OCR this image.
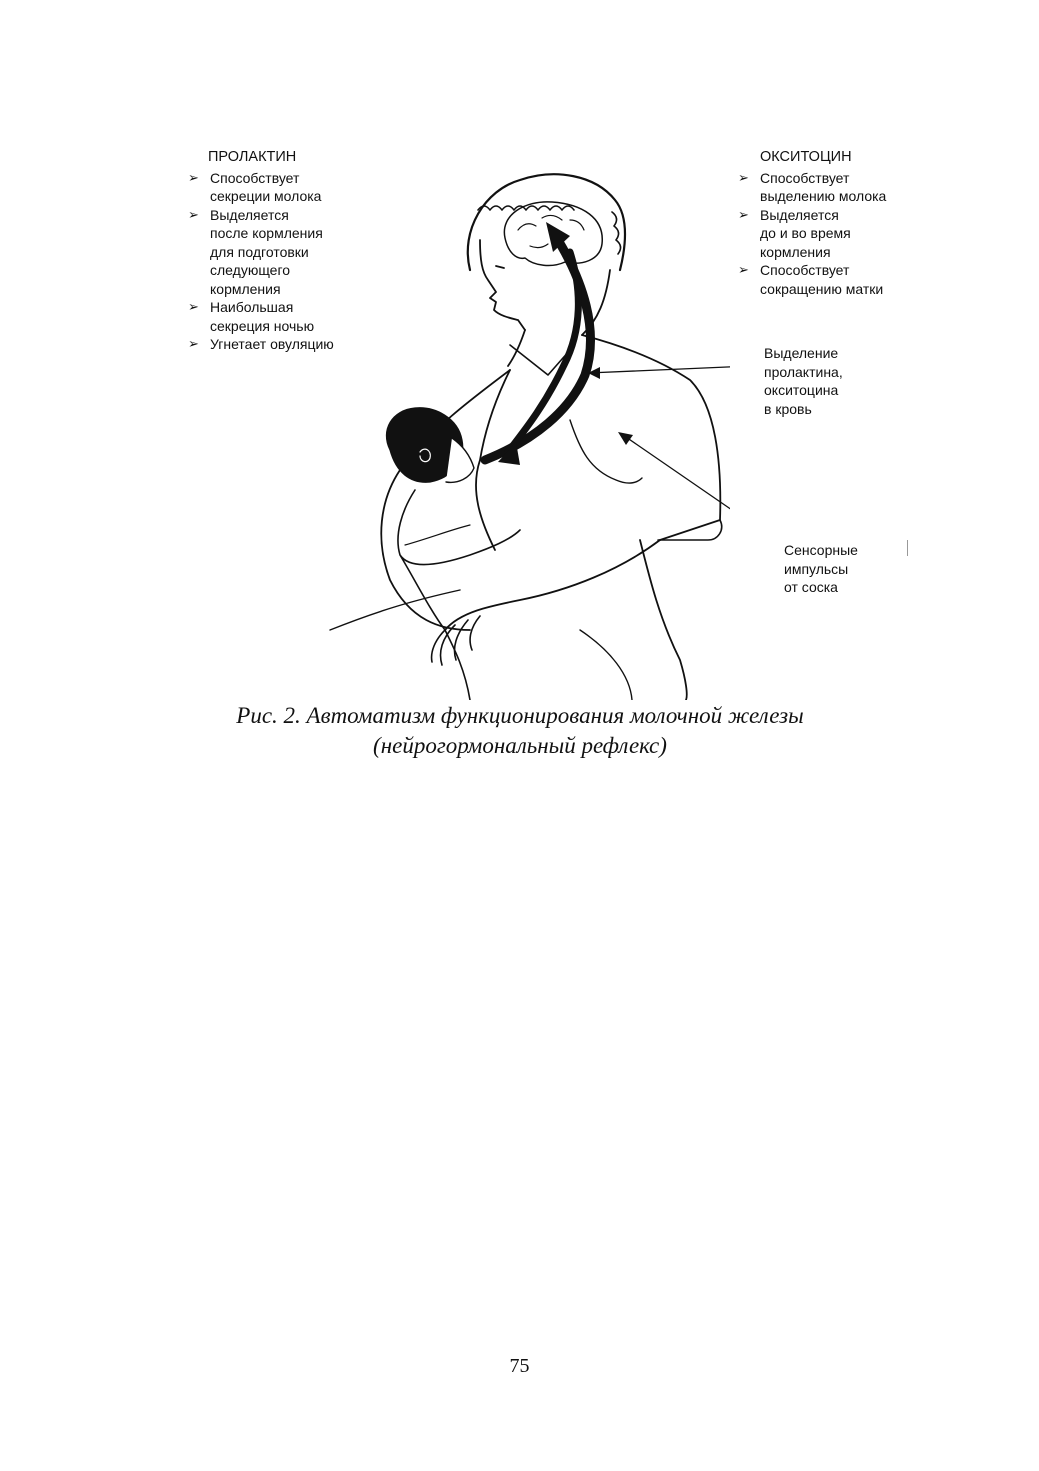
ПРОЛАКТИН
➢ Способствует
секреции молока
➢ Выделяется
после кормления
для подготовки
следующего
кормления
➢ Наибольшая
секреция ночью
➢ Угнетает овуляцию
ОКСИТОЦИН
➢ Способствует
выделению молока
➢ Выделяется
до и во время
кормления
➢ Способствует
сокращению матки
Выделение
пролактина,
окситоцина
в кровь
Сенсорные
импульсы
от соска
Рис. 2. Автоматизм функционирования молочной железы
(нейрогормональный рефлекс)
75
